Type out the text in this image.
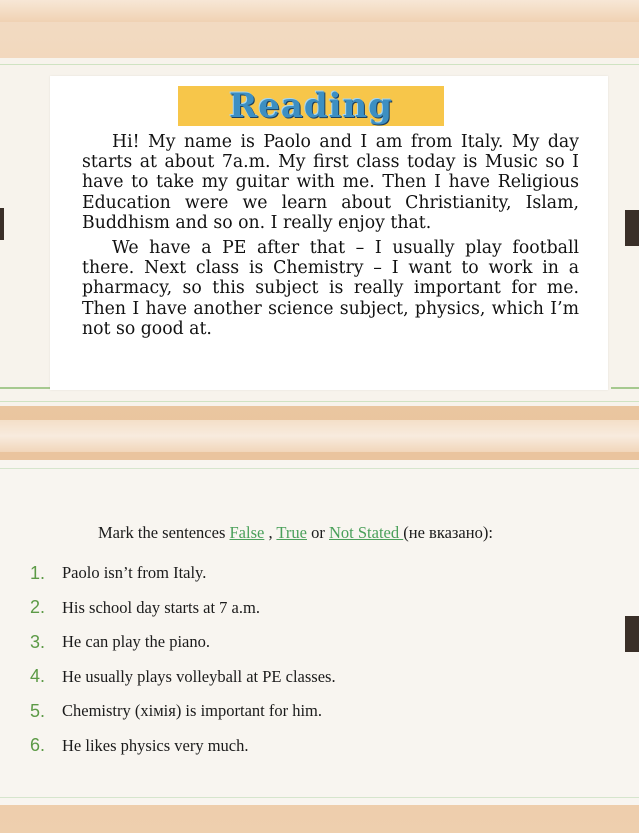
Reading

Hi! My name is Paolo and I am from Italy. My day starts at about 7a.m. My first class today is Music so I have to take my guitar with me. Then I have Religious Education were we learn about Christianity, Islam, Buddhism and so on. I really enjoy that.

We have a PE after that – I usually play football there. Next class is Chemistry – I want to work in a pharmacy, so this subject is really important for me. Then I have another science subject, physics, which I’m not so good at.

Mark the sentences False , True or Not Stated (не вказано):
1.	Paolo isn’t from Italy.
2.	His school day starts at 7 a.m.
3.	He can play the piano.
4.	He usually plays volleyball at PE classes.
5.	Chemistry (хімія) is important for him.
6.	He likes physics very much.
